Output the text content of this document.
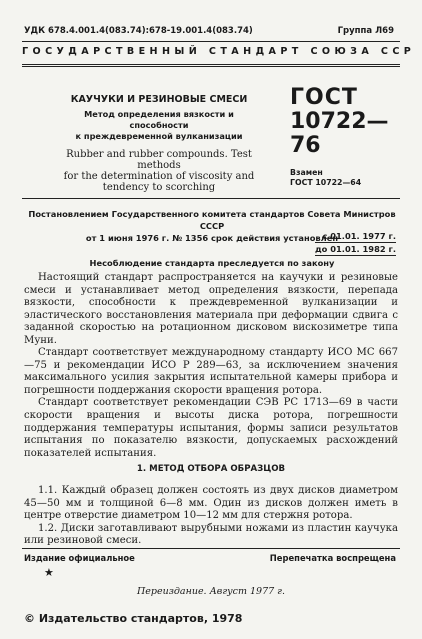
УДК 678.4.001.4(083.74):678-19.001.4(083.74)	Группа Л69
ГОСУДАРСТВЕННЫЙ СТАНДАРТ СОЮЗА ССР
КАУЧУКИ И РЕЗИНОВЫЕ СМЕСИ
Метод определения вязкости и способности
к преждевременной вулканизации
Rubber and rubber compounds. Test methods
for the determination of viscosity and
tendency to scorching
ГОСТ
10722—76
Взамен
ГОСТ 10722—64
Постановлением Государственного комитета стандартов Совета Министров СССР
от 1 июня 1976 г. № 1356 срок действия установлен
с 01.01. 1977 г.
до 01.01. 1982 г.
Несоблюдение стандарта преследуется по закону

Настоящий стандарт распространяется на каучуки и резиновые смеси и устанавливает метод определения вязкости, перепада вязкости, способности к преждевременной вулканизации и эластического восстановления материала при деформации сдвига с заданной скоростью на ротационном дисковом вискозиметре типа Муни.

Стандарт соответствует международному стандарту ИСО МС 667—75 и рекомендации ИСО Р 289—63, за исключением значения максимального усилия закрытия испытательной камеры прибора и погрешности поддержания скорости вращения ротора.

Стандарт соответствует рекомендации СЭВ РС 1713—69 в части скорости вращения и высоты диска ротора, погрешности поддержания температуры испытания, формы записи результатов испытания по показателю вязкости, допускаемых расхождений показателей испытания.

1. МЕТОД ОТБОРА ОБРАЗЦОВ

1.1. Каждый образец должен состоять из двух дисков диаметром 45—50 мм и толщиной 6—8 мм. Один из дисков должен иметь в центре отверстие диаметром 10—12 мм для стержня ротора.

1.2. Диски заготавливают вырубными ножами из пластин каучука или резиновой смеси.

Издание официальное
★
Перепечатка воспрещена
Переиздание. Август 1977 г.
© Издательство стандартов, 1978
